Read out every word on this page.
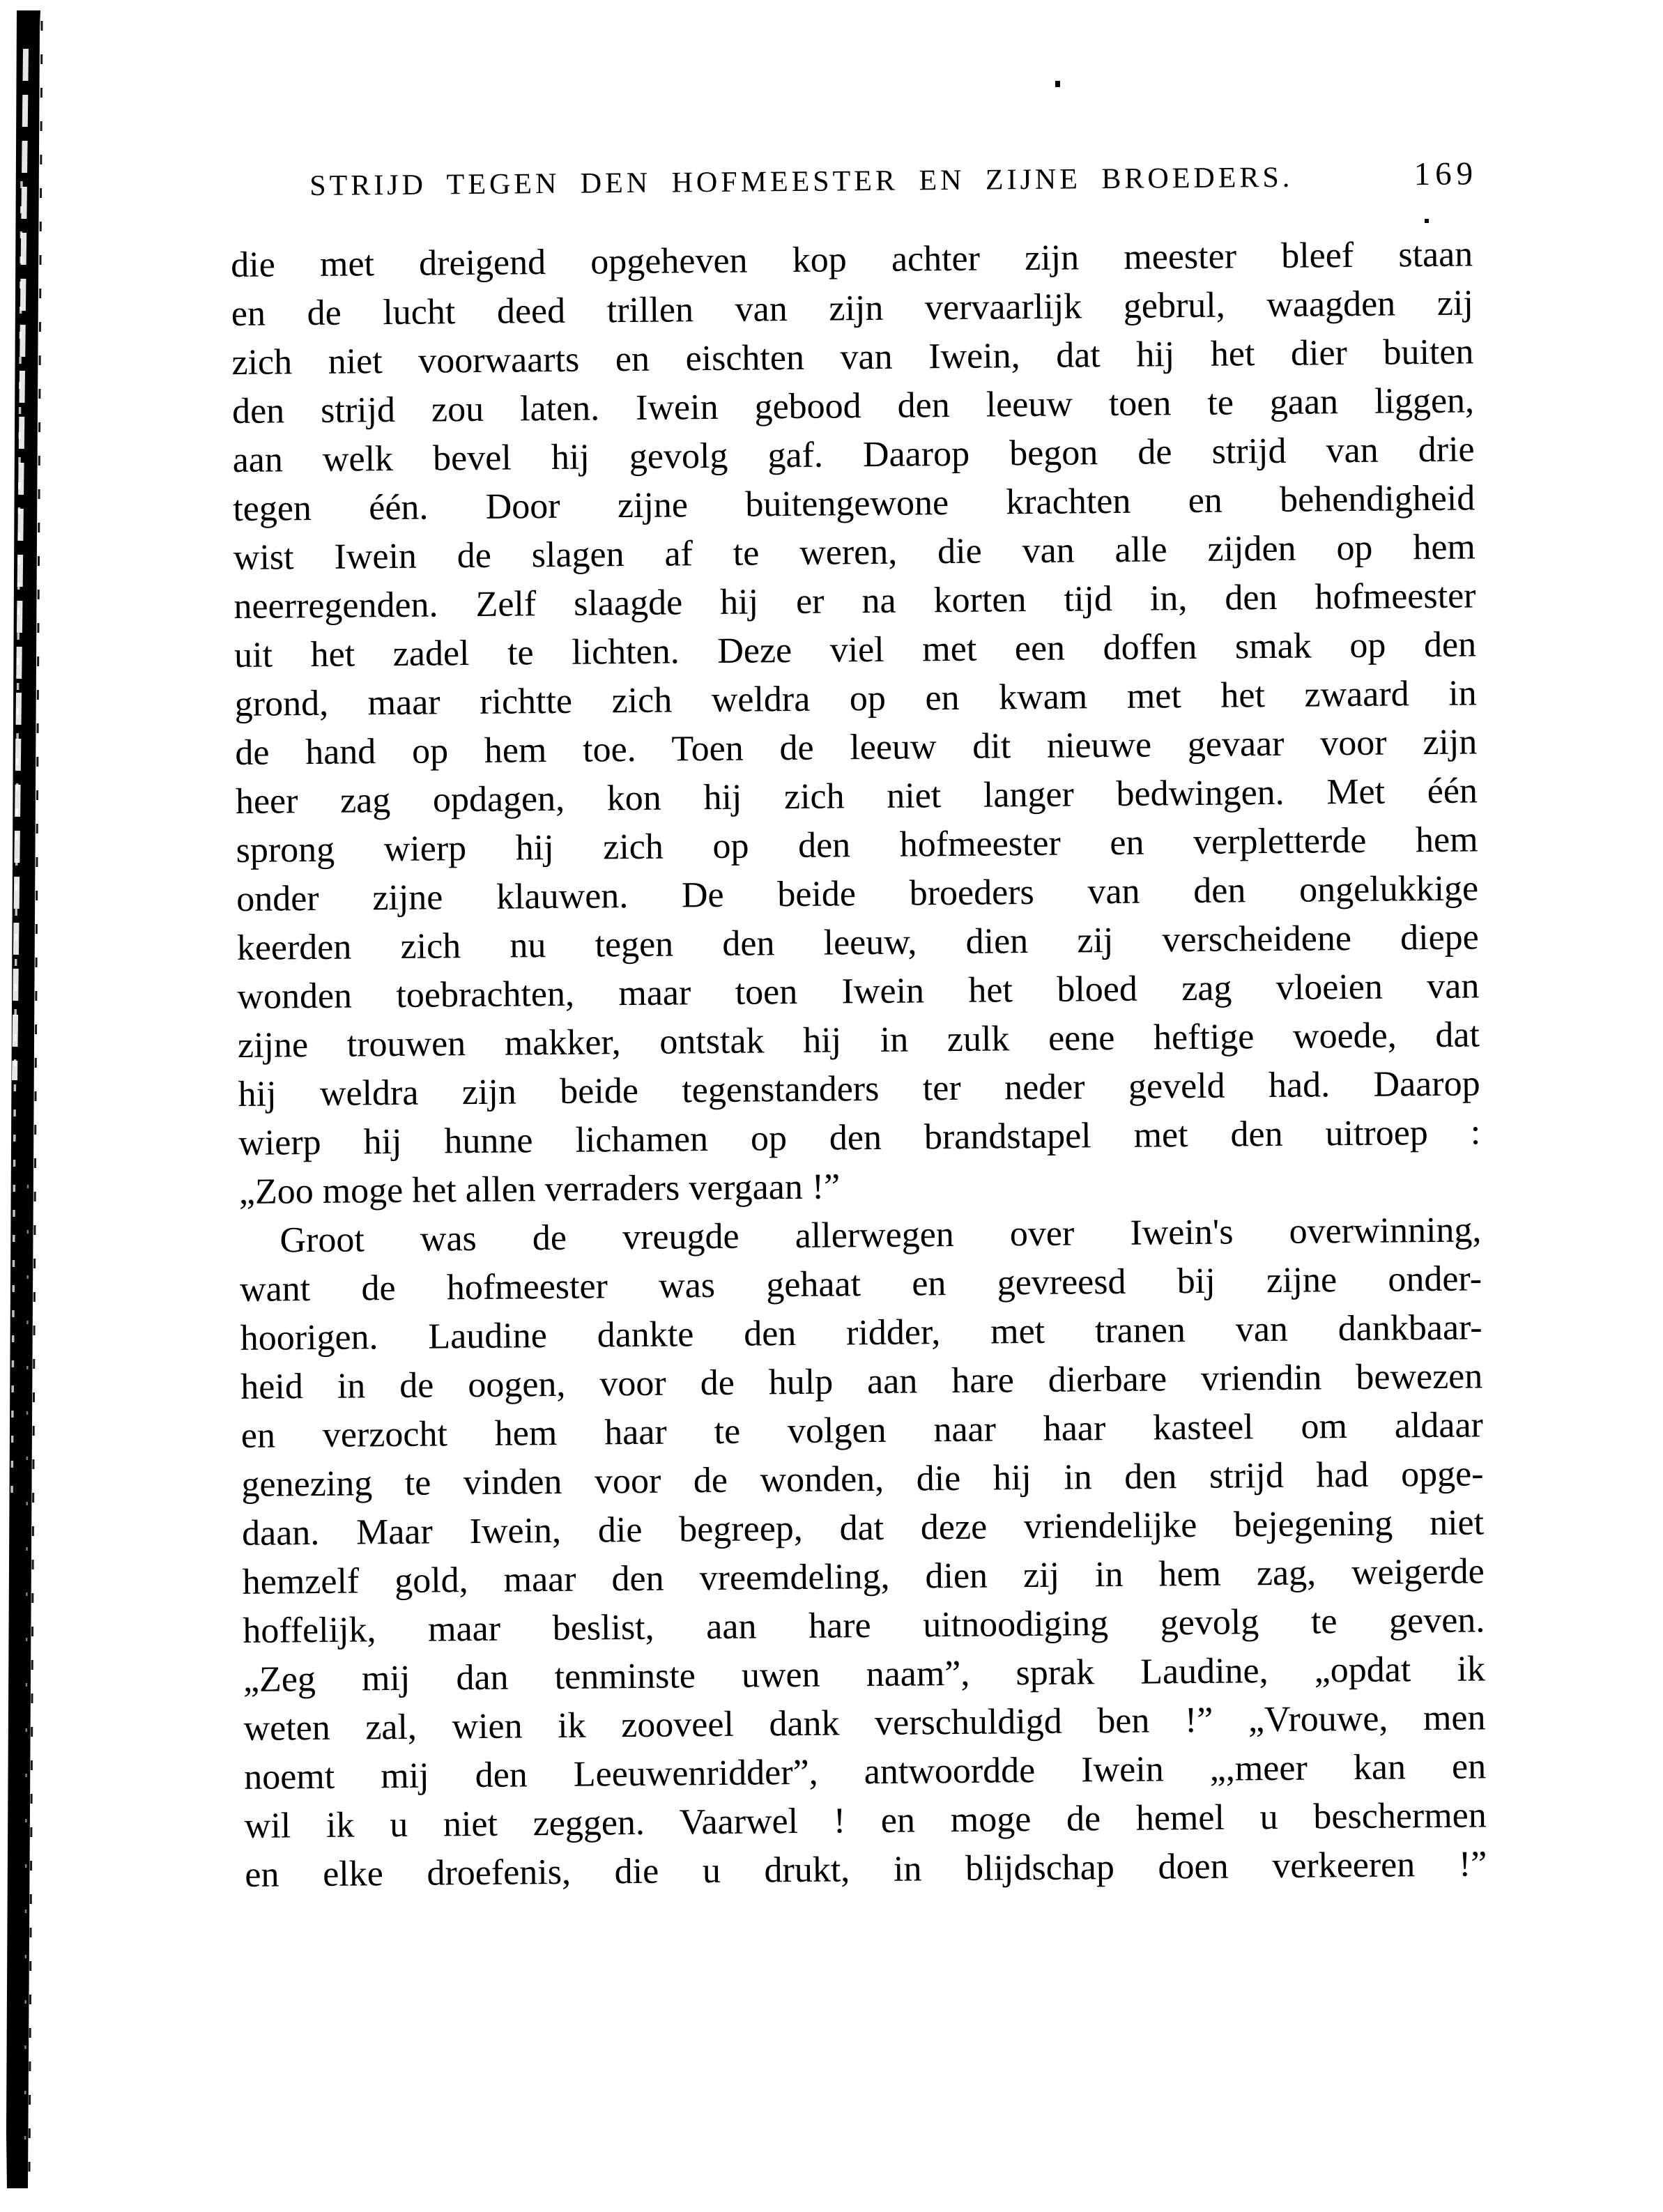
STRIJD TEGEN DEN HOFMEESTER EN ZIJNE BROEDERS.	169
die met dreigend opgeheven kop achter zijn meester bleef staan
en de lucht deed trillen van zijn vervaarlijk gebrul, waagden zij
zich niet voorwaarts en eischten van Iwein, dat hij het dier buiten
den strijd zou laten. Iwein gebood den leeuw toen te gaan liggen,
aan welk bevel hij gevolg gaf. Daarop begon de strijd van drie
tegen één. Door zijne buitengewone krachten en behendigheid
wist Iwein de slagen af te weren, die van alle zijden op hem
neerregenden. Zelf slaagde hij er na korten tijd in, den hofmeester
uit het zadel te lichten. Deze viel met een doffen smak op den
grond, maar richtte zich weldra op en kwam met het zwaard in
de hand op hem toe. Toen de leeuw dit nieuwe gevaar voor zijn
heer zag opdagen, kon hij zich niet langer bedwingen. Met één
sprong wierp hij zich op den hofmeester en verpletterde hem
onder zijne klauwen. De beide broeders van den ongelukkige
keerden zich nu tegen den leeuw, dien zij verscheidene diepe
wonden toebrachten, maar toen Iwein het bloed zag vloeien van
zijne trouwen makker, ontstak hij in zulk eene heftige woede, dat
hij weldra zijn beide tegenstanders ter neder geveld had. Daarop
wierp hij hunne lichamen op den brandstapel met den uitroep :
„Zoo moge het allen verraders vergaan !”
Groot was de vreugde allerwegen over Iwein's overwinning,
want de hofmeester was gehaat en gevreesd bij zijne onder-
hoorigen. Laudine dankte den ridder, met tranen van dankbaar-
heid in de oogen, voor de hulp aan hare dierbare vriendin bewezen
en verzocht hem haar te volgen naar haar kasteel om aldaar
genezing te vinden voor de wonden, die hij in den strijd had opge-
daan. Maar Iwein, die begreep, dat deze vriendelijke bejegening niet
hemzelf gold, maar den vreemdeling, dien zij in hem zag, weigerde
hoffelijk, maar beslist, aan hare uitnoodiging gevolg te geven.
„Zeg mij dan tenminste uwen naam”, sprak Laudine, „opdat ik
weten zal, wien ik zooveel dank verschuldigd ben !” „Vrouwe, men
noemt mij den Leeuwenridder”, antwoordde Iwein „,meer kan en
wil ik u niet zeggen. Vaarwel ! en moge de hemel u beschermen
en elke droefenis, die u drukt, in blijdschap doen verkeeren !”
